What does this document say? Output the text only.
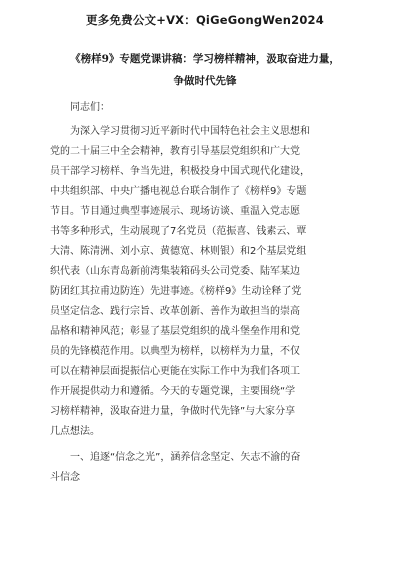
更多免费公文+VX：QiGeGongWen2024
《榜样9》专题党课讲稿：学习榜样精神，汲取奋进力量，
争做时代先锋
同志们：
为深入学习贯彻习近平新时代中国特色社会主义思想和
党的二十届三中全会精神，教育引导基层党组织和广大党
员干部学习榜样、争当先进，积极投身中国式现代化建设，
中共组织部、中央广播电视总台联合制作了《榜样9》专题
节目。节目通过典型事迹展示、现场访谈、重温入党志愿
书等多种形式，生动展现了7名党员（范振喜、钱素云、覃
大清、陈清洲、刘小京、黄德宽、林则银）和2个基层党组
织代表（山东青岛新前湾集装箱码头公司党委、陆军某边
防团红其拉甫边防连）先进事迹。《榜样9》生动诠释了党
员坚定信念、践行宗旨、改革创新、善作为敢担当的崇高
品格和精神风范；彰显了基层党组织的战斗堡垒作用和党
员的先锋模范作用。以典型为榜样，以榜样为力量，不仅
可以在精神层面提振信心更能在实际工作中为我们各项工
作开展提供动力和遵循。今天的专题党课，主要围绕“学
习榜样精神，汲取奋进力量，争做时代先锋”与大家分享
几点想法。
一、追逐“信念之光”，涵养信念坚定、矢志不渝的奋
斗信念
